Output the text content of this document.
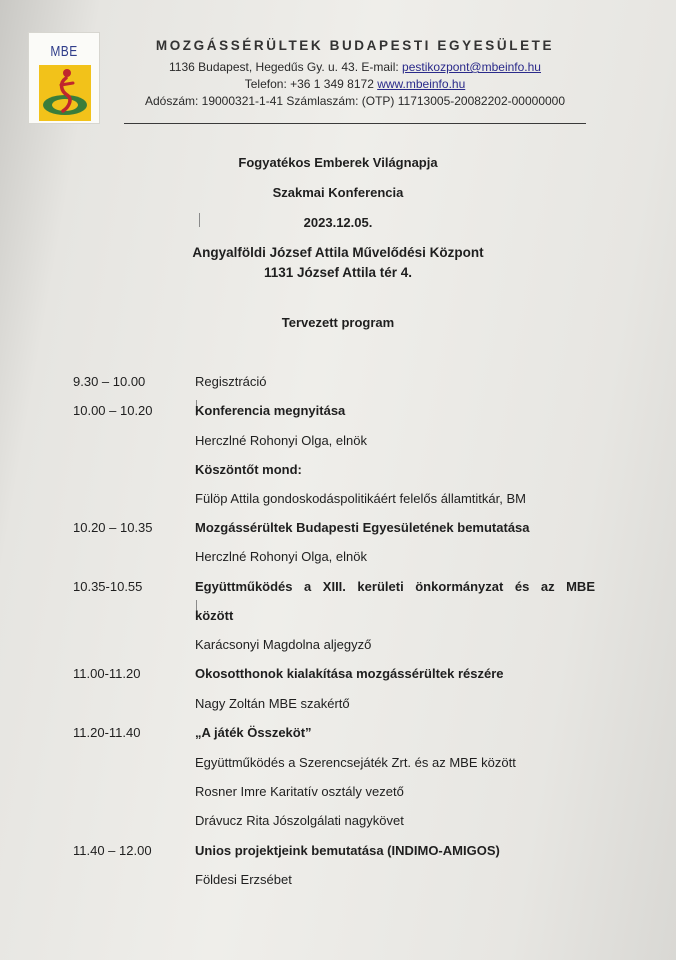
MBE	MOZGÁSSÉRÜLTEK BUDAPESTI EGYESÜLETE
1136 Budapest, Hegedűs Gy. u. 43. E-mail: pestikozpont@mbeinfo.hu
Telefon: +36 1 349 8172 www.mbeinfo.hu
Adószám: 19000321-1-41 Számlaszám: (OTP) 11713005-20082202-00000000
Fogyatékos Emberek Világnapja
Szakmai Konferencia
2023.12.05.
Angyalföldi József Attila Művelődési Központ
1131 József Attila tér 4.
Tervezett program
9.30 – 10.00	Regisztráció
10.00 – 10.20	Konferencia megnyitása
Herczlné Rohonyi Olga, elnök
Köszöntőt mond:
Fülöp Attila gondoskodáspolitikáért felelős államtitkár, BM
10.20 – 10.35	Mozgássérültek Budapesti Egyesületének bemutatása
Herczlné Rohonyi Olga, elnök
10.35-10.55	Együttműködés a XIII. kerületi önkormányzat és az MBE
között
Karácsonyi Magdolna aljegyző
11.00-11.20	Okosotthonok kialakítása mozgássérültek részére
Nagy Zoltán MBE szakértő
11.20-11.40	„A játék Összeköt”
Együttműködés a Szerencsejáték Zrt. és az MBE között
Rosner Imre Karitatív osztály vezető
Drávucz Rita Jószolgálati nagykövet
11.40 – 12.00	Unios projektjeink bemutatása (INDIMO-AMIGOS)
Földesi Erzsébet
